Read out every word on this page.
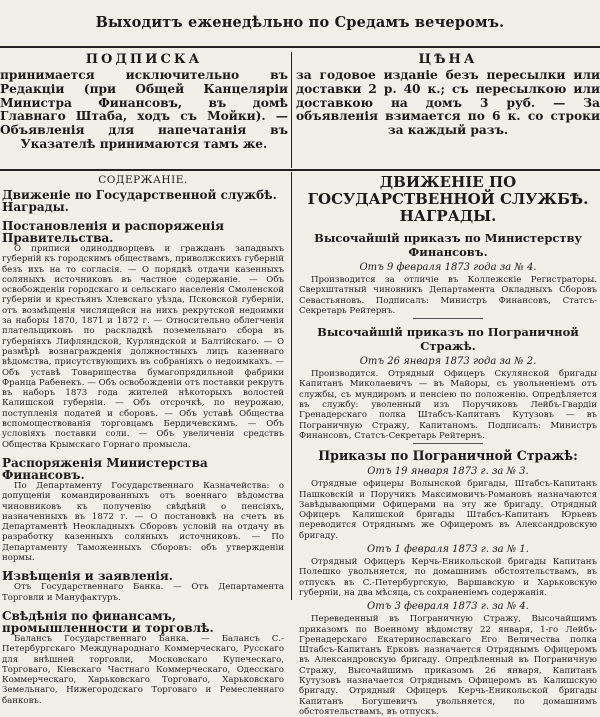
Выходитъ еженедѣльно по Средамъ вечеромъ.
ПОДПИСКА
принимается исключительно въ Редакціи (при Общей Канцеляріи Министра Финансовъ, въ домѣ Главнаго Штаба, ходъ съ Мойки). — Объявленія для напечатанія въ Указателѣ принимаются тамъ же.
ЦѢНА
за годовое изданіе безъ пересылки или доставки 2 р. 40 к.; съ пересылкою или доставкою на домъ 3 руб. — За объявленія взимается по 6 к. со строки за каждый разъ.
СОДЕРЖАНІЕ.
Движеніе по Государственной службѣ. Награды.
Постановленія и распоряженія Правительства.

О приписи одиноддворцевъ и гражданъ западныхъ губерній къ городскимъ обществамъ, приволжскихъ губерній безъ ихъ на то согласія. — О порядкѣ отдачи казенныхъ соляныхъ источниковъ въ частное содержаніе. — Объ освобожденіи городскаго и сельскаго населенія Смоленской губерніи и крестьянъ Хлевскаго уѣзда, Псковской губерніи, отъ возмѣщенія числящейся на нихъ рекрутской недоимки за наборы 1870, 1871 и 1872 г. — Относительно облегченія плательщиковъ по раскладкѣ поземельнаго сбора въ губерніяхъ Лифляндской, Курляндской и Балтійскаго. — О размѣрѣ вознагражденія должностныхъ лицъ казеннаго вѣдомства, присутствующихъ въ собраніяхъ о недоимкахъ. — Объ уставѣ Товарищества бумагопрядильной фабрики Франца Рабенекъ. — Объ освобожденіи отъ поставки рекрутъ въ наборъ 1873 года жителей нѣкоторыхъ волостей Калишской губерніи. — Объ отсрочкѣ, по неурожаю, поступленія податей и сборовъ. — Объ уставѣ Общества вспомоществованія торговцамъ Бердичевскимъ. — Объ условіяхъ поставки соли. — Объ увеличеніи средствъ Общества Крымскаго Горнаго промысла.

Распоряженія Министерства Финансовъ.

По Департаменту Государственнаго Казначейства: о допущеніи командированныхъ отъ военнаго вѣдомства чиновниковъ къ полученію свѣдѣній о пенсіяхъ, назначенныхъ въ 1872 г. — О постановкѣ на счетъ въ Департаментѣ Неокладныхъ Сборовъ условій на отдачу въ разработку казенныхъ соляныхъ источниковъ. — По Департаменту Таможенныхъ Сборовъ: объ утвержденіи нормы.

Извѣщенія и заявленія.

Отъ Государственнаго Банка. — Отъ Департамента Торговли и Мануфактуръ.

Свѣдѣнія по финансамъ, промышленности и торговлѣ.

Балансъ Государственнаго Банка. — Балансъ С.-Петербургскаго Международнаго Коммерческаго, Русскаго для внѣшней торговли, Московскаго Купеческаго, Торговаго, Кіевскаго Частнаго Коммерческаго, Одесскаго Коммерческаго, Харьковскаго Торговаго, Харьковскаго Земельнаго, Нижегородскаго Торговаго и Ремесленнаго банковъ.

ДВИЖЕНІЕ ПО ГОСУДАРСТВЕННОЙ СЛУЖБѢ. НАГРАДЫ.
Высочайшій приказъ по Министерству Финансовъ.
Отъ 9 февраля 1873 года за № 4.

Производится за отличіе въ Коллежскіе Регистраторы. Сверхштатный чиновникъ Департамента Окладныхъ Сборовъ Севастьяновъ. Подписалъ: Министръ Финансовъ, Статсъ-Секретарь Рейтернъ.

Высочайшій приказъ по Пограничной Стражѣ.
Отъ 26 января 1873 года за № 2.

Производится. Отрядный Офицеръ Скулянской бригады Капитанъ Миколаевичъ — въ Майоры, съ увольненіемъ отъ службы, съ мундиромъ и пенсіею по положенію. Опредѣляется въ службу: уволенный изъ Поручиковъ Лейбъ-Гвардіи Гренадерскаго полка Штабсъ-Капитанъ Кутузовъ — въ Пограничную Стражу, Капитаномъ. Подписалъ: Министръ Финансовъ, Статсъ-Секретарь Рейтернъ.

Приказы по Пограничной Стражѣ:
Отъ 19 января 1873 г. за № 3.

Отрядные офицеры Волынской бригады, Штабсъ-Капитанъ Пашковскій и Поручикъ Максимовичъ-Романовъ назначаются Завѣдывающими Офицерами на эту же бригаду. Отрядный Офицеръ Калишской бригады Штабсъ-Капитанъ Юрьевъ переводится Отряднымъ же Офицеромъ въ Александровскую бригаду.

Отъ 1 февраля 1873 г. за № 1.

Отрядный Офицеръ Керчь-Еникольской бригады Капитанъ Полешко увольняется, по домашнимъ обстоятельствамъ, въ отпускъ въ С.-Петербургскую, Варшавскую и Харьковскую губерніи, на два мѣсяца, съ сохраненіемъ содержанія.

Отъ 3 февраля 1873 г. за № 4.

Переведенный въ Пограничную Стражу, Высочайшимъ приказомъ по Военному вѣдомству 22 января, 1-го Лейбъ-Гренадерскаго Екатеринославскаго Его Величества полка Штабсъ-Капитанъ Ерковъ назначается Отряднымъ Офицеромъ въ Александровскую бригаду. Опредѣленный въ Пограничную Стражу, Высочайшимъ приказомъ 26 января, Капитанъ Кутузовъ назначается Отряднымъ Офицеромъ въ Калишскую бригаду. Отрядный Офицеръ Керчь-Еникольской бригады Капитанъ Богушевичъ увольняется, по домашнимъ обстоятельствамъ, въ отпускъ.
